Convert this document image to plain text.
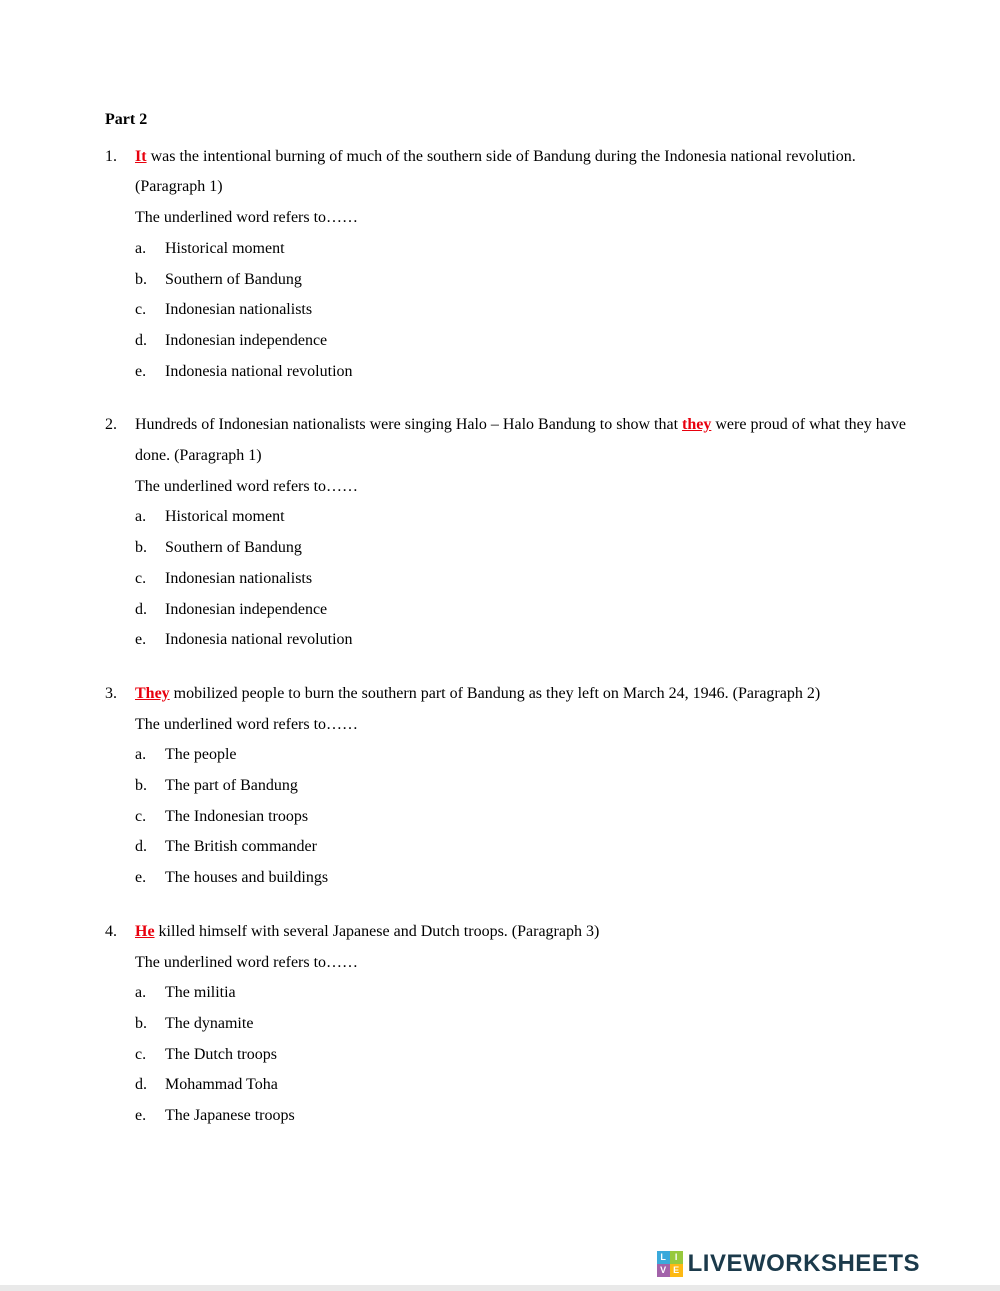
Part 2
1.	It was the intentional burning of much of the southern side of Bandung during the Indonesia national revolution. (Paragraph 1)
The underlined word refers to……
a.	Historical moment
b.	Southern of Bandung
c.	Indonesian nationalists
d.	Indonesian independence
e.	Indonesia national revolution
2.	Hundreds of Indonesian nationalists were singing Halo – Halo Bandung to show that they were proud of what they have done. (Paragraph 1)
The underlined word refers to……
a.	Historical moment
b.	Southern of Bandung
c.	Indonesian nationalists
d.	Indonesian independence
e.	Indonesia national revolution
3.	They mobilized people to burn the southern part of Bandung as they left on March 24, 1946. (Paragraph 2)
The underlined word refers to……
a.	The people
b.	The part of Bandung
c.	The Indonesian troops
d.	The British commander
e.	The houses and buildings
4.	He killed himself with several Japanese and Dutch troops. (Paragraph 3)
The underlined word refers to……
a.	The militia
b.	The dynamite
c.	The Dutch troops
d.	Mohammad Toha
e.	The Japanese troops
L I
V E LIVEWORKSHEETS
